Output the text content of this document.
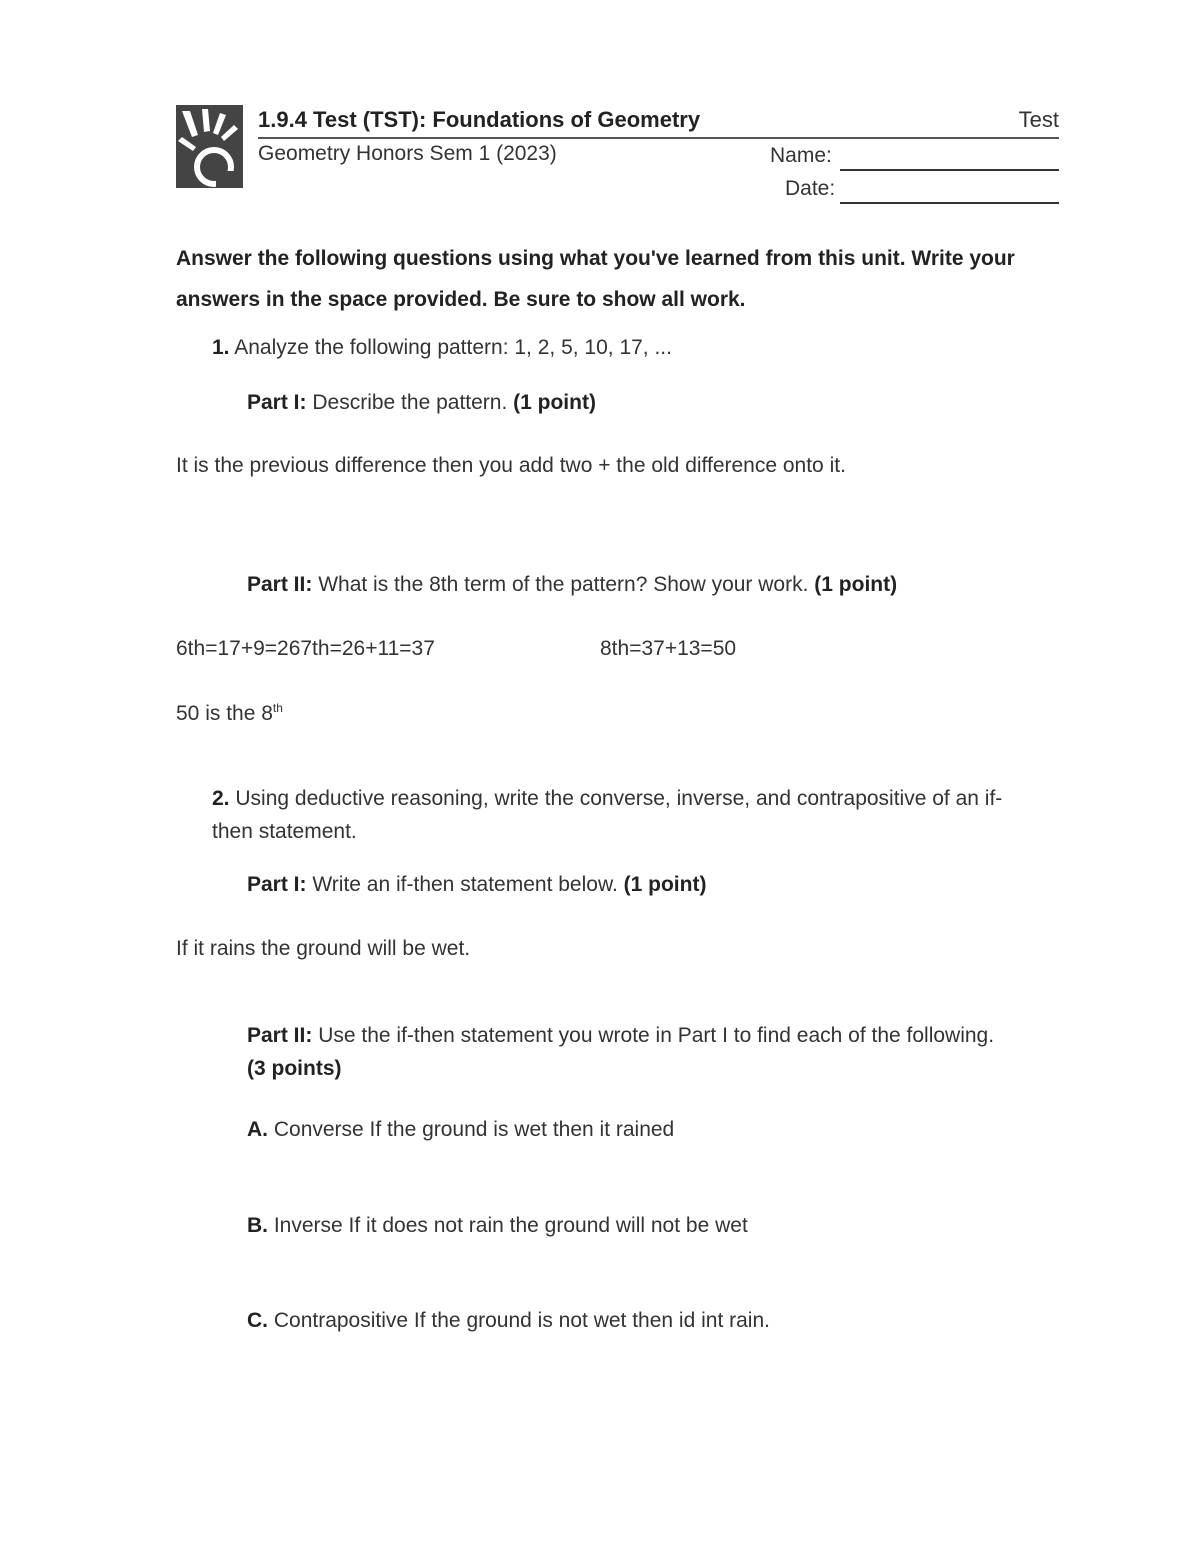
1.9.4 Test (TST): Foundations of Geometry	Test
Geometry Honors Sem 1 (2023)	Name:
Date:
Answer the following questions using what you've learned from this unit. Write your answers in the space provided. Be sure to show all work.
1. Analyze the following pattern: 1, 2, 5, 10, 17, ...
Part I: Describe the pattern. (1 point)
It is the previous difference then you add two + the old difference onto it.
Part II: What is the 8th term of the pattern? Show your work. (1 point)
6th=17+9=267th=26+11=37	8th=37+13=50
50 is the 8th
2. Using deductive reasoning, write the converse, inverse, and contrapositive of an if-then statement.
Part I: Write an if-then statement below. (1 point)
If it rains the ground will be wet.
Part II: Use the if-then statement you wrote in Part I to find each of the following. (3 points)
A. Converse If the ground is wet then it rained
B. Inverse If it does not rain the ground will not be wet
C. Contrapositive If the ground is not wet then id int rain.
